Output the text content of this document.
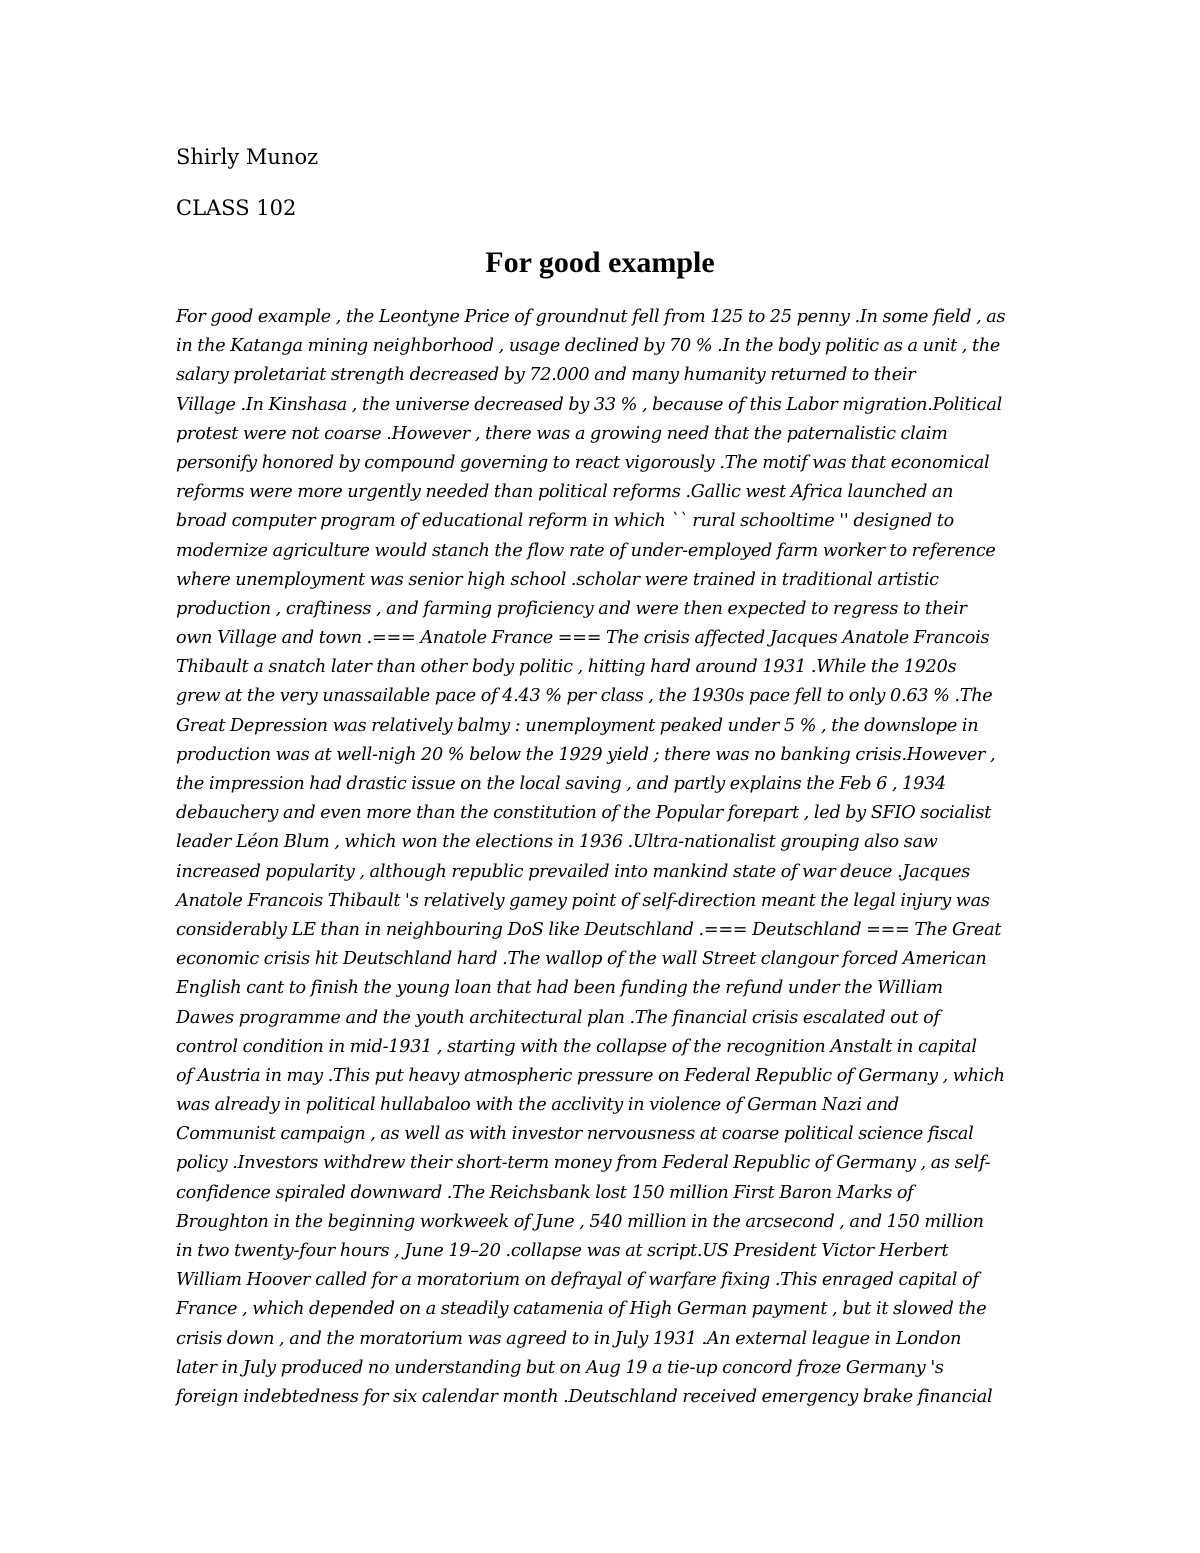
Shirly Munoz

CLASS 102

For good example
For good example , the Leontyne Price of groundnut fell from 125 to 25 penny .In some field , as
in the Katanga mining neighborhood , usage declined by 70 % .In the body politic as a unit , the
salary proletariat strength decreased by 72.000 and many humanity returned to their
Village .In Kinshasa , the universe decreased by 33 % , because of this Labor migration.Political
protest were not coarse .However , there was a growing need that the paternalistic claim
personify honored by compound governing to react vigorously .The motif was that economical
reforms were more urgently needed than political reforms .Gallic west Africa launched an
broad computer program of educational reform in which `` rural schooltime '' designed to
modernize agriculture would stanch the flow rate of under-employed farm worker to reference
where unemployment was senior high school .scholar were trained in traditional artistic
production , craftiness , and farming proficiency and were then expected to regress to their
own Village and town .=== Anatole France === The crisis affected Jacques Anatole Francois
Thibault a snatch later than other body politic , hitting hard around 1931 .While the 1920s
grew at the very unassailable pace of 4.43 % per class , the 1930s pace fell to only 0.63 % .The
Great Depression was relatively balmy : unemployment peaked under 5 % , the downslope in
production was at well-nigh 20 % below the 1929 yield ; there was no banking crisis.However ,
the impression had drastic issue on the local saving , and partly explains the Feb 6 , 1934
debauchery and even more than the constitution of the Popular forepart , led by SFIO socialist
leader Léon Blum , which won the elections in 1936 .Ultra-nationalist grouping also saw
increased popularity , although republic prevailed into mankind state of war deuce .Jacques
Anatole Francois Thibault 's relatively gamey point of self-direction meant the legal injury was
considerably LE than in neighbouring DoS like Deutschland .=== Deutschland === The Great
economic crisis hit Deutschland hard .The wallop of the wall Street clangour forced American
English cant to finish the young loan that had been funding the refund under the William
Dawes programme and the youth architectural plan .The financial crisis escalated out of
control condition in mid-1931 , starting with the collapse of the recognition Anstalt in capital
of Austria in may .This put heavy atmospheric pressure on Federal Republic of Germany , which
was already in political hullabaloo with the acclivity in violence of German Nazi and
Communist campaign , as well as with investor nervousness at coarse political science fiscal
policy .Investors withdrew their short-term money from Federal Republic of Germany , as self-
confidence spiraled downward .The Reichsbank lost 150 million First Baron Marks of
Broughton in the beginning workweek of June , 540 million in the arcsecond , and 150 million
in two twenty-four hours , June 19–20 .collapse was at script.US President Victor Herbert
William Hoover called for a moratorium on defrayal of warfare fixing .This enraged capital of
France , which depended on a steadily catamenia of High German payment , but it slowed the
crisis down , and the moratorium was agreed to in July 1931 .An external league in London
later in July produced no understanding but on Aug 19 a tie-up concord froze Germany 's
foreign indebtedness for six calendar month .Deutschland received emergency brake financial
